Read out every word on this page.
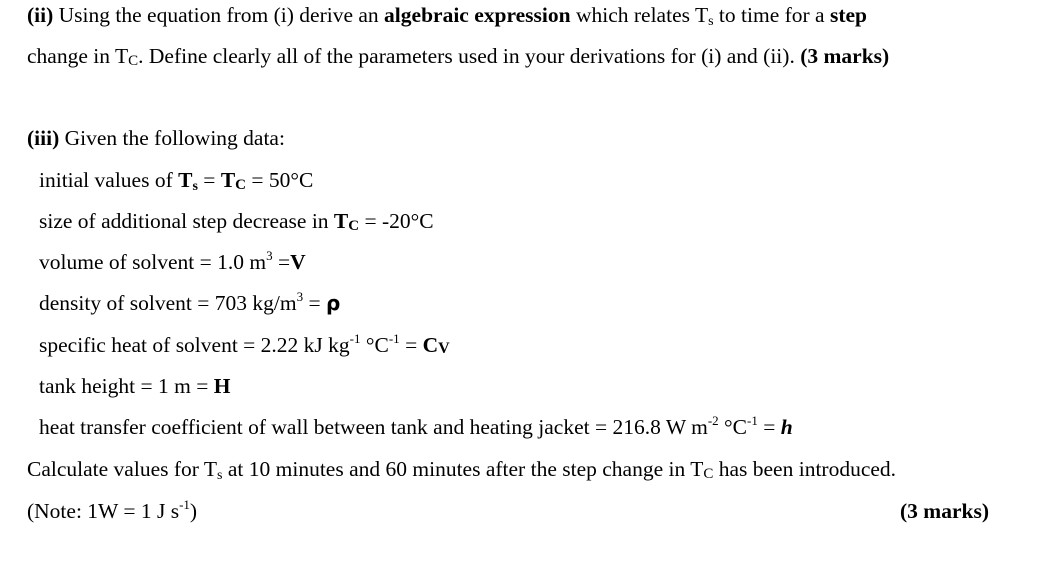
(ii) Using the equation from (i) derive an algebraic expression which relates $T_s$ to time for a step
change in $T_C$. Define clearly all of the parameters used in your derivations for (i) and (ii). (3 marks)
(iii) Given the following data:
initial values of $T_s = T_C = 50^\circ C$
size of additional step decrease in $T_C = -20^\circ C$
volume of solvent = 1.0 $m^3 =V$
density of solvent = 703 $kg/m^3 = \rho$
specific heat of solvent = 2.22 kJ $kg^{-1}$ $^\circ C^{-1} = C_V$
tank height = 1 m = H
heat transfer coefficient of wall between tank and heating jacket = 216.8 W $m^{-2}$ $^\circ C^{-1} = h$
Calculate values for $T_s$ at 10 minutes and 60 minutes after the step change in $T_C$ has been introduced.
(Note: 1W = 1 J $s^{-1}$)	(3 marks)
